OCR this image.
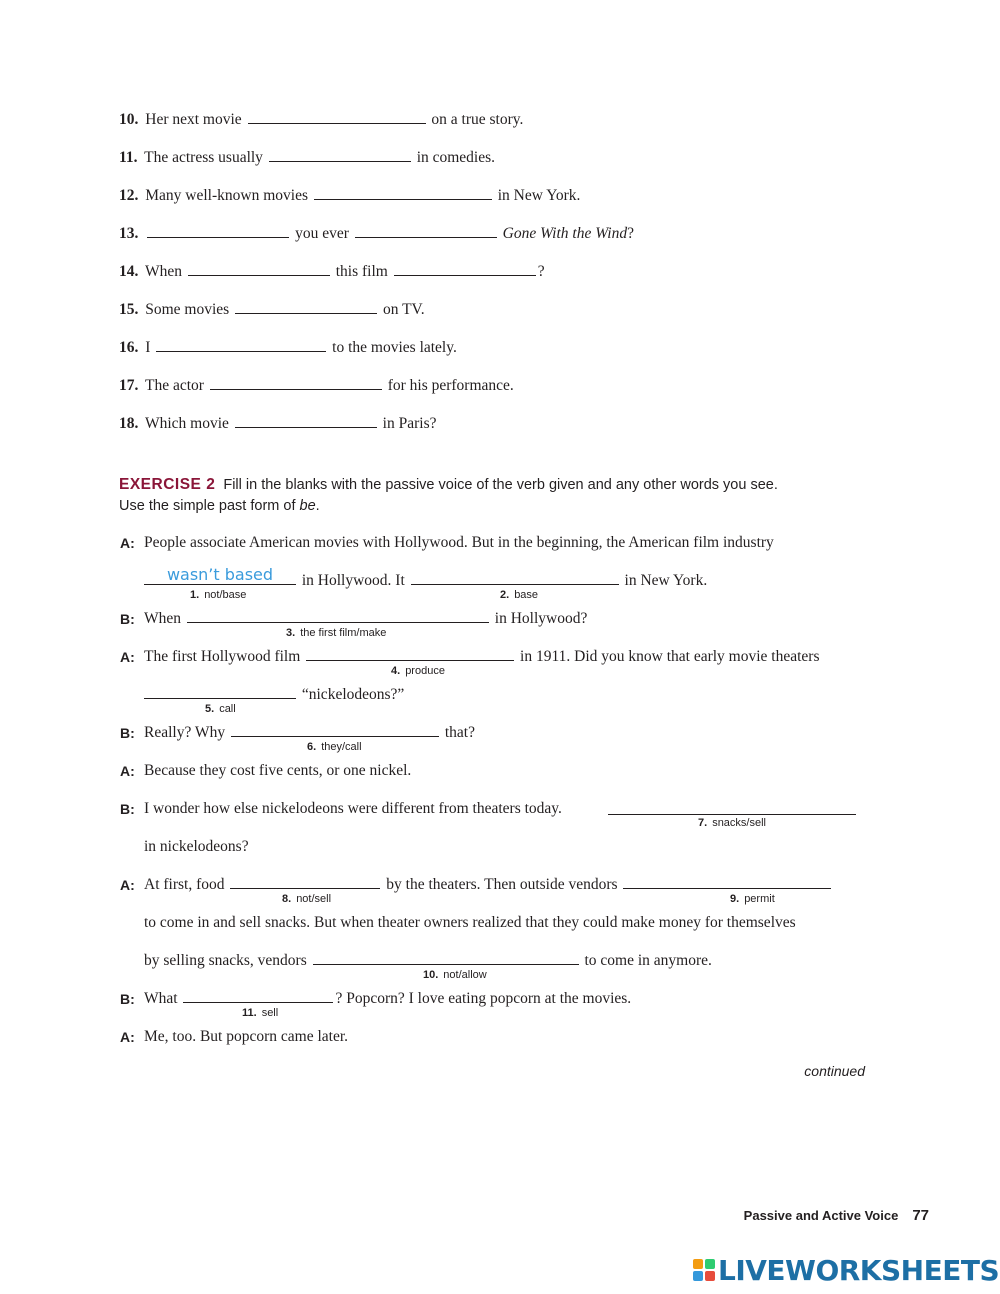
10. Her next movie	on a true story.
11. The actress usually	in comedies.
12. Many well-known movies	in New York.
13.	you ever	Gone With the Wind?
14. When	this film	?
15. Some movies	on TV.
16. I	to the movies lately.
17. The actor	for his performance.
18. Which movie	in Paris?
EXERCISE 2 Fill in the blanks with the passive voice of the verb given and any other words you see.
Use the simple past form of be.
A: People associate American movies with Hollywood. But in the beginning, the American film industry
wasn’t based	in Hollywood. It	in New York.
1. not/base	2. base
B: When	in Hollywood?
3. the first film/make
A: The first Hollywood film	in 1911. Did you know that early movie theaters
4. produce
“nickelodeons?”
5. call
B: Really? Why	that?
6. they/call
A: Because they cost five cents, or one nickel.
B: I wonder how else nickelodeons were different from theaters today.
7. snacks/sell
in nickelodeons?
A: At first, food	by the theaters. Then outside vendors
8. not/sell	9. permit
to come in and sell snacks. But when theater owners realized that they could make money for themselves
by selling snacks, vendors	to come in anymore.
10. not/allow
B: What	? Popcorn? I love eating popcorn at the movies.
11. sell
A: Me, too. But popcorn came later.
continued
Passive and Active Voice 77
LIVEWORKSHEETS
